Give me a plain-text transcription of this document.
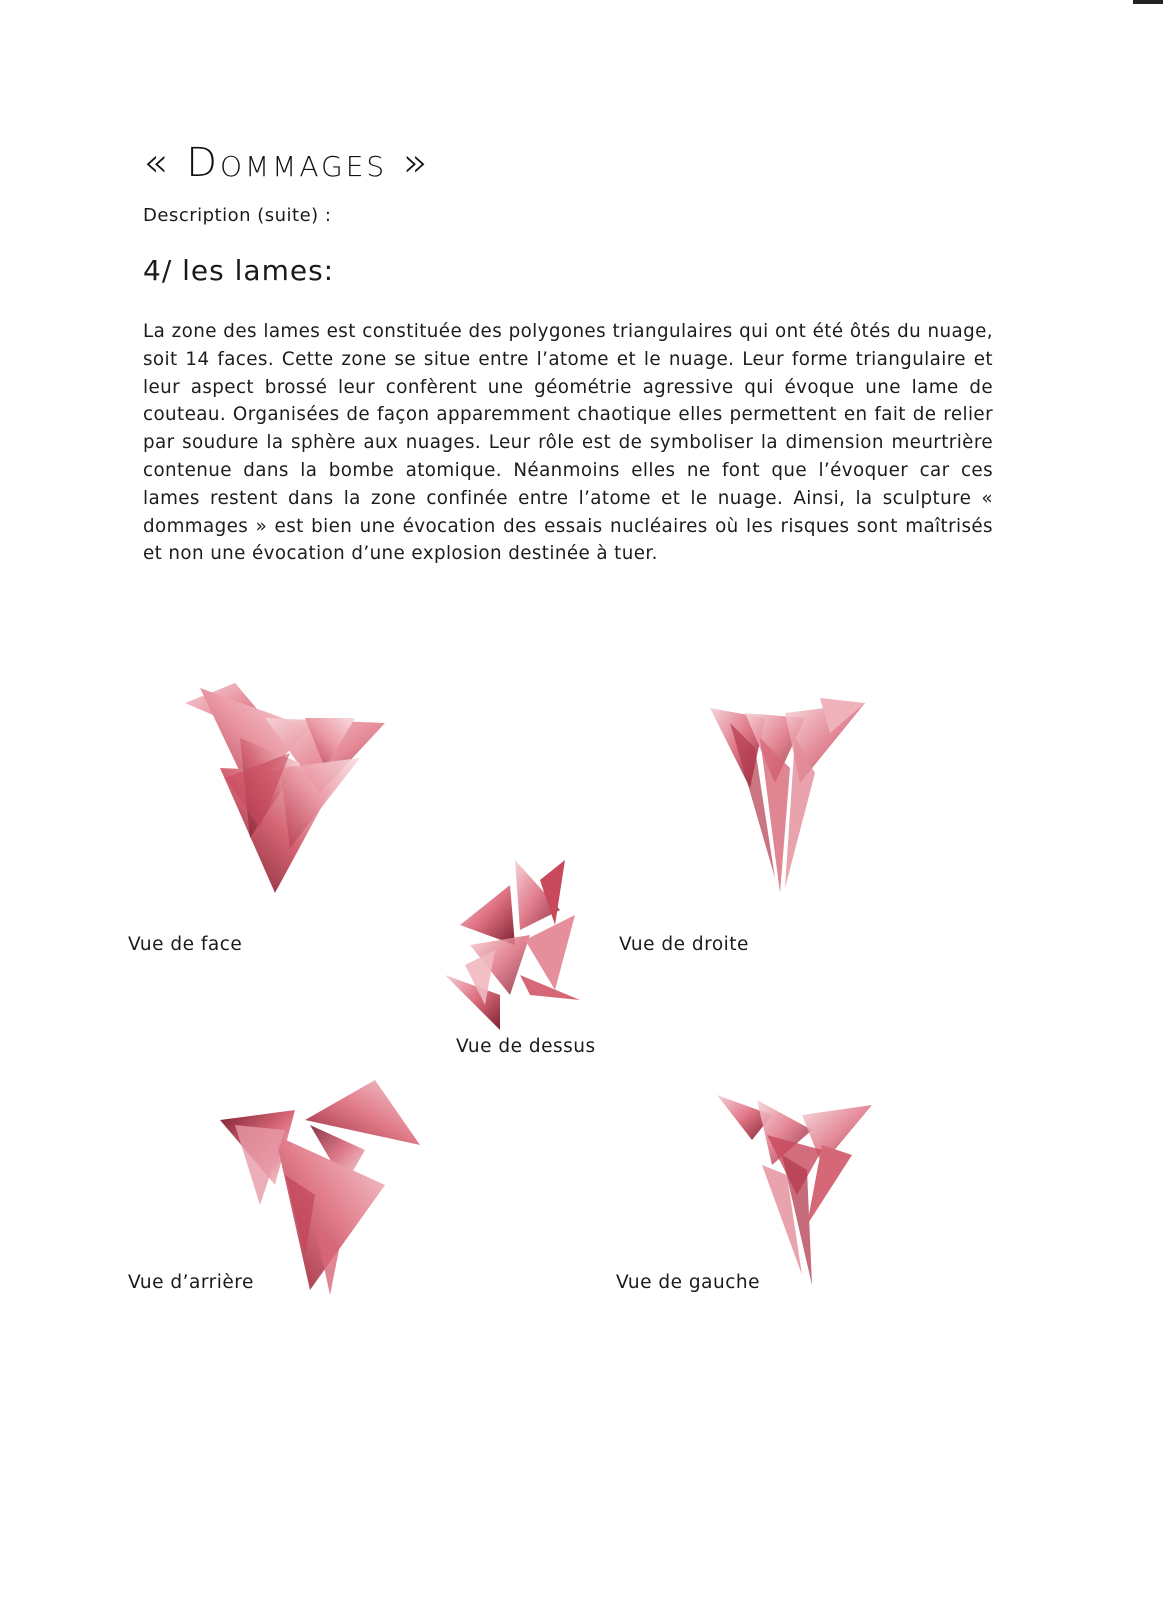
« Dommages »
Description (suite) :
4/ les lames:
La zone des lames est constituée des polygones triangulaires qui ont été ôtés du nuage, soit 14 faces. Cette zone se situe entre l’atome et le nuage. Leur forme triangulaire et leur aspect brossé leur confèrent une géométrie agressive qui évoque une lame de couteau. Organisées de façon apparemment chaotique elles permettent en fait de relier par soudure la sphère aux nuages. Leur rôle est de symboliser la dimension meurtrière contenue dans la bombe atomique. Néanmoins elles ne font que l’évoquer car ces lames restent dans la zone confinée entre l’atome et le nuage. Ainsi, la sculpture « dommages » est bien une évocation des essais nucléaires où les risques sont maîtrisés et non une évocation d’une explosion destinée à tuer.
Vue de face	Vue de droite
Vue de dessus
Vue d’arrière	Vue de gauche
